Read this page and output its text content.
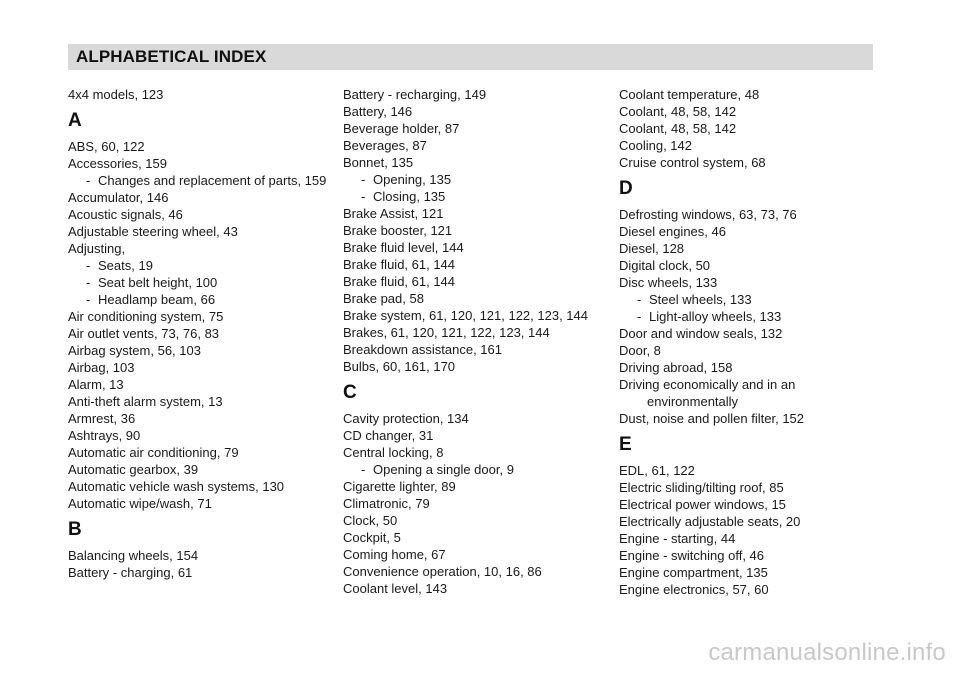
ALPHABETICAL INDEX
4x4 models, 123
A
ABS, 60, 122
Accessories, 159
- Changes and replacement of parts, 159
Accumulator, 146
Acoustic signals, 46
Adjustable steering wheel, 43
Adjusting,
- Seats, 19
- Seat belt height, 100
- Headlamp beam, 66
Air conditioning system, 75
Air outlet vents, 73, 76, 83
Airbag system, 56, 103
Airbag, 103
Alarm, 13
Anti-theft alarm system, 13
Armrest, 36
Ashtrays, 90
Automatic air conditioning, 79
Automatic gearbox, 39
Automatic vehicle wash systems, 130
Automatic wipe/wash, 71
B
Balancing wheels, 154
Battery - charging, 61
Battery - recharging, 149
Battery, 146
Beverage holder, 87
Beverages, 87
Bonnet, 135
- Opening, 135
- Closing, 135
Brake Assist, 121
Brake booster, 121
Brake fluid level, 144
Brake fluid, 61, 144
Brake fluid, 61, 144
Brake pad, 58
Brake system, 61, 120, 121, 122, 123, 144
Brakes, 61, 120, 121, 122, 123, 144
Breakdown assistance, 161
Bulbs, 60, 161, 170
C
Cavity protection, 134
CD changer, 31
Central locking, 8
- Opening a single door, 9
Cigarette lighter, 89
Climatronic, 79
Clock, 50
Cockpit, 5
Coming home, 67
Convenience operation, 10, 16, 86
Coolant level, 143
Coolant temperature, 48
Coolant, 48, 58, 142
Coolant, 48, 58, 142
Cooling, 142
Cruise control system, 68
D
Defrosting windows, 63, 73, 76
Diesel engines, 46
Diesel, 128
Digital clock, 50
Disc wheels, 133
- Steel wheels, 133
- Light-alloy wheels, 133
Door and window seals, 132
Door, 8
Driving abroad, 158
Driving economically and in an environmentally
Dust, noise and pollen filter, 152
E
EDL, 61, 122
Electric sliding/tilting roof, 85
Electrical power windows, 15
Electrically adjustable seats, 20
Engine - starting, 44
Engine - switching off, 46
Engine compartment, 135
Engine electronics, 57, 60
carmanualsonline.info
